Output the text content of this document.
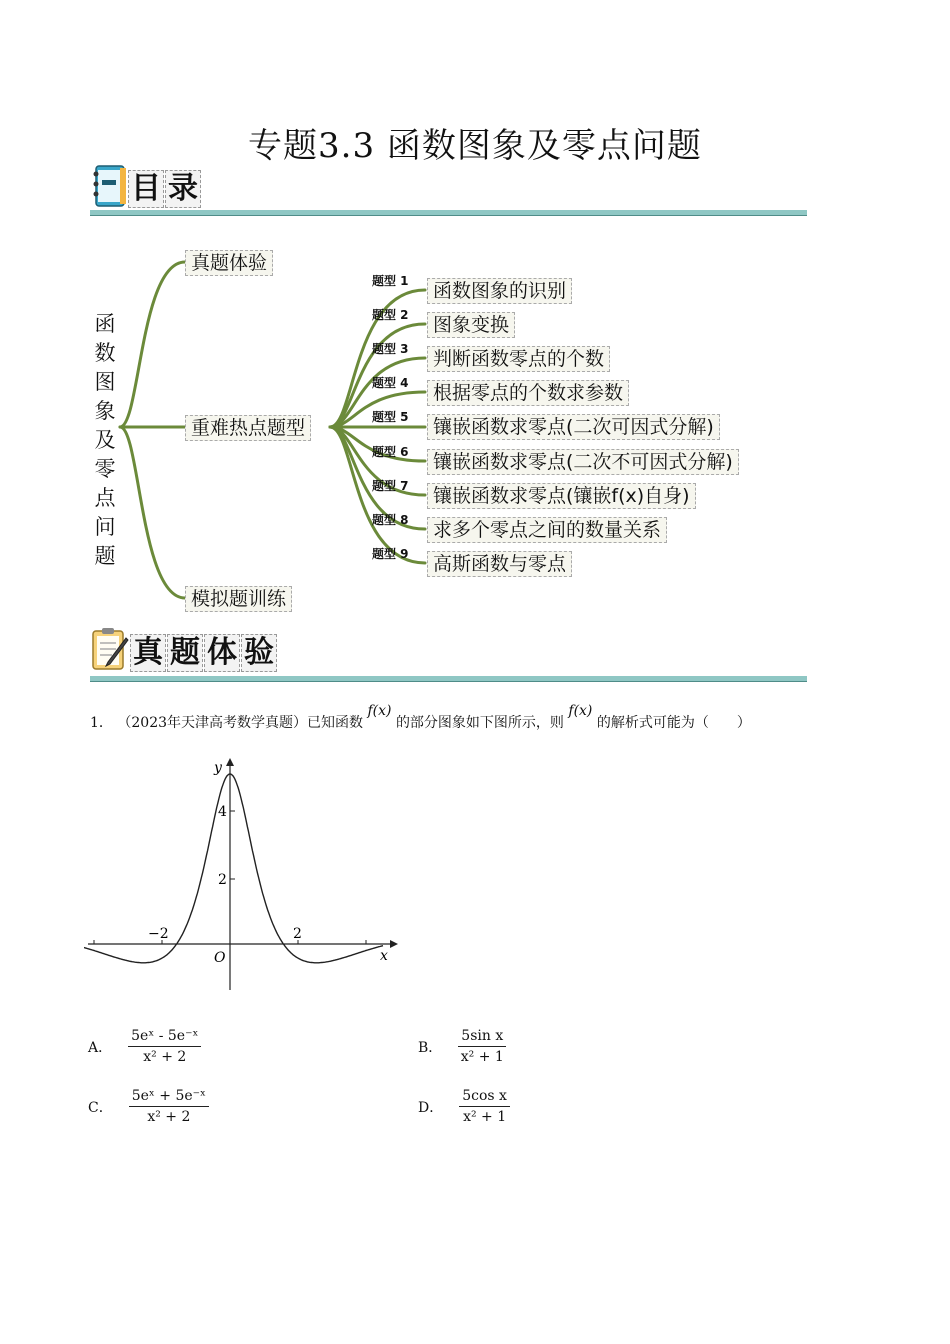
专题3.3 函数图象及零点问题
目 录
函
数
图
象
及
零
点
问
题
真题体验
重难热点题型
模拟题训练
题型 1	函数图象的识别
题型 2	图象变换
题型 3	判断函数零点的个数
题型 4	根据零点的个数求参数
题型 5	镶嵌函数求零点(二次可因式分解)
题型 6	镶嵌函数求零点(二次不可因式分解)
题型 7	镶嵌函数求零点(镶嵌f(x)自身)
题型 8	求多个零点之间的数量关系
题型 9	高斯函数与零点
真 题 体 验
1． （2023年天津高考数学真题）已知函数 f(x) 的部分图象如下图所示，则 f(x) 的解析式可能为（　　）
−2	2
2
4
O	x
y
A． $\frac{\text{5eˣ - 5e⁻ˣ}}{\text{x² + 2}}$	B． $\frac{\text{5sin x}}{\text{x² + 1}}$
C． $\frac{\text{5eˣ + 5e⁻ˣ}}{\text{x² + 2}}$	D． $\frac{\text{5cos x}}{\text{x² + 1}}$
